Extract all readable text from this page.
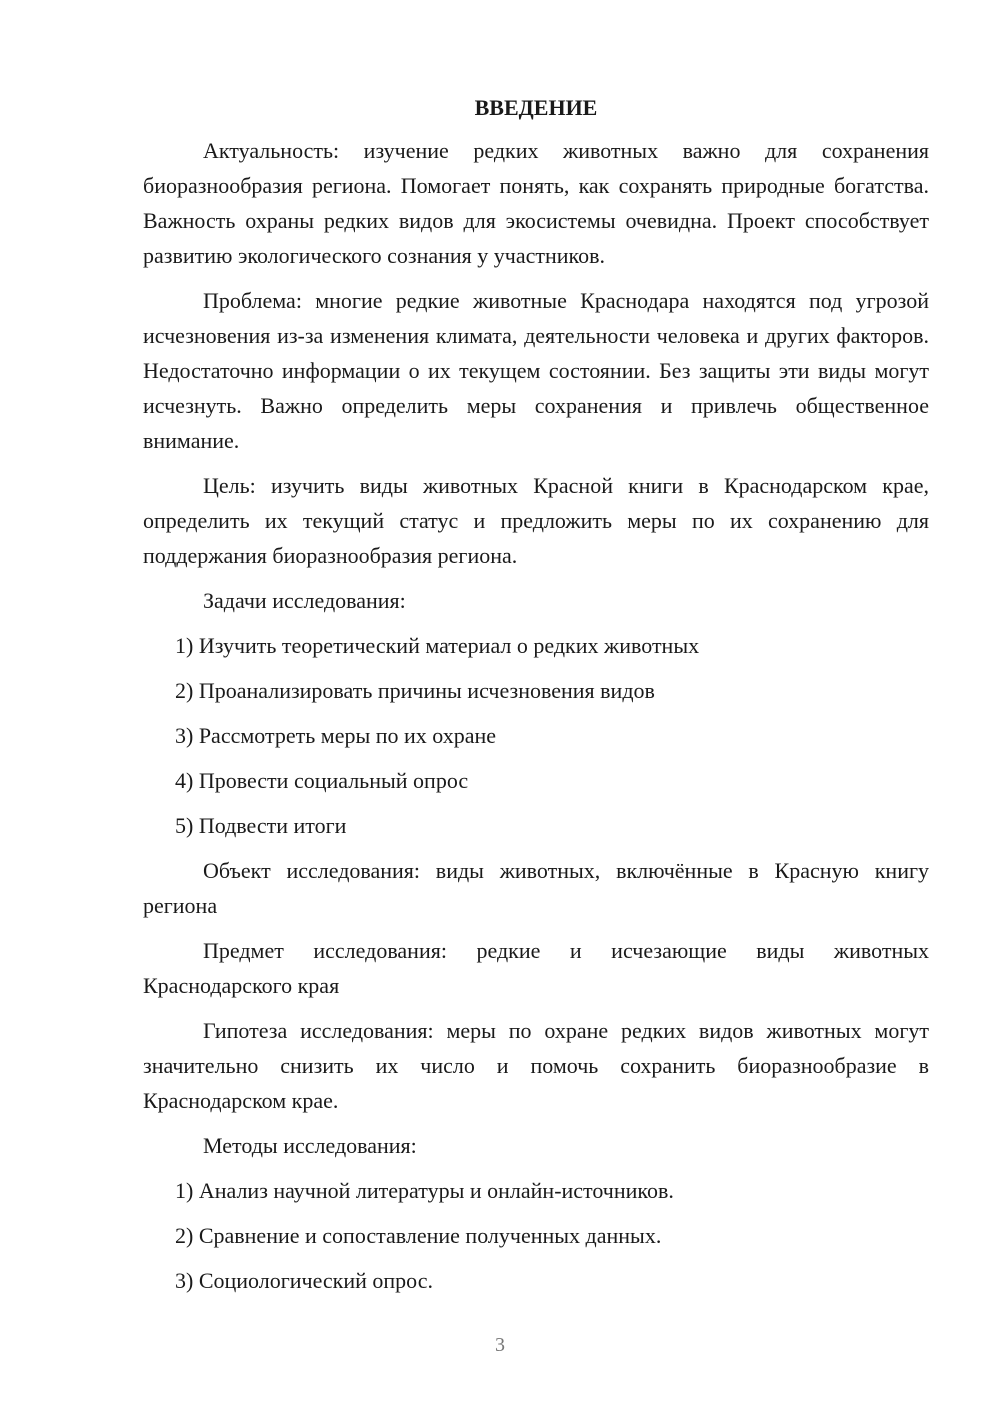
ВВЕДЕНИЕ

Актуальность: изучение редких животных важно для сохранения биоразнообразия региона. Помогает понять, как сохранять природные богатства. Важность охраны редких видов для экосистемы очевидна. Проект способствует развитию экологического сознания у участников.

Проблема: многие редкие животные Краснодара находятся под угрозой исчезновения из-за изменения климата, деятельности человека и других факторов. Недостаточно информации о их текущем состоянии. Без защиты эти виды могут исчезнуть. Важно определить меры сохранения и привлечь общественное внимание.

Цель: изучить виды животных Красной книги в Краснодарском крае, определить их текущий статус и предложить меры по их сохранению для поддержания биоразнообразия региона.

Задачи исследования:

1) Изучить теоретический материал о редких животных
2) Проанализировать причины исчезновения видов
3) Рассмотреть меры по их охране
4) Провести социальный опрос
5) Подвести итоги

Объект исследования: виды животных, включённые в Красную книгу региона

Предмет исследования: редкие и исчезающие виды животных Краснодарского края

Гипотеза исследования: меры по охране редких видов животных могут значительно снизить их число и помочь сохранить биоразнообразие в Краснодарском крае.

Методы исследования:

1) Анализ научной литературы и онлайн-источников.
2) Сравнение и сопоставление полученных данных.
3) Социологический опрос.
3
